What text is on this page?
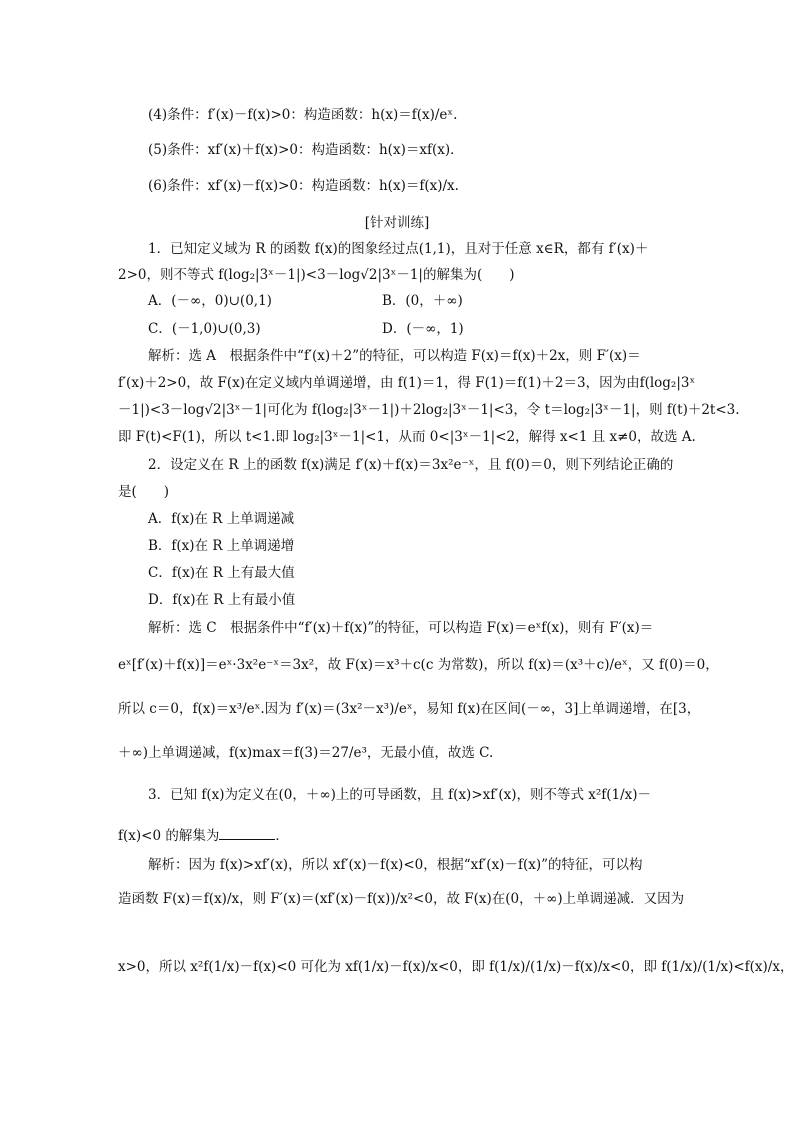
(4)条件：f′(x)－f(x)>0：构造函数：h(x)＝f(x)/eˣ.
(5)条件：xf′(x)＋f(x)>0：构造函数：h(x)＝xf(x)．
(6)条件：xf′(x)－f(x)>0：构造函数：h(x)＝f(x)/x.
[针对训练]
1．已知定义域为 R 的函数 f(x)的图象经过点(1,1)，且对于任意 x∈R，都有 f′(x)＋
2>0，则不等式 f(log₂|3ˣ－1|)<3－log√2|3ˣ－1|的解集为(　　)
A．(－∞，0)∪(0,1)	B．(0，＋∞)
C．(－1,0)∪(0,3)	D．(－∞，1)
解析：选 A　根据条件中“f′(x)＋2”的特征，可以构造 F(x)＝f(x)＋2x，则 F′(x)＝
f′(x)＋2>0，故 F(x)在定义域内单调递增，由 f(1)＝1，得 F(1)＝f(1)＋2＝3，因为由f(log₂|3ˣ
－1|)<3－log√2|3ˣ－1|可化为 f(log₂|3ˣ－1|)＋2log₂|3ˣ－1|<3，令 t＝log₂|3ˣ－1|，则 f(t)＋2t<3.
即 F(t)<F(1)，所以 t<1.即 log₂|3ˣ－1|<1，从而 0<|3ˣ－1|<2，解得 x<1 且 x≠0，故选 A.
2．设定义在 R 上的函数 f(x)满足 f′(x)＋f(x)＝3x²e⁻ˣ，且 f(0)＝0，则下列结论正确的
是(　　)
A．f(x)在 R 上单调递减
B．f(x)在 R 上单调递增
C．f(x)在 R 上有最大值
D．f(x)在 R 上有最小值
解析：选 C　根据条件中“f′(x)＋f(x)”的特征，可以构造 F(x)＝eˣf(x)，则有 F′(x)＝
eˣ[f′(x)＋f(x)]＝eˣ·3x²e⁻ˣ＝3x²，故 F(x)＝x³＋c(c 为常数)，所以 f(x)＝(x³＋c)/eˣ，又 f(0)＝0，
所以 c＝0，f(x)＝x³/eˣ.因为 f′(x)＝(3x²－x³)/eˣ，易知 f(x)在区间(－∞，3]上单调递增，在[3，
＋∞)上单调递减，f(x)max＝f(3)＝27/e³，无最小值，故选 C.
3．已知 f(x)为定义在(0，＋∞)上的可导函数，且 f(x)>xf′(x)，则不等式 x²f(1/x)－
f(x)<0 的解集为	．
解析：因为 f(x)>xf′(x)，所以 xf′(x)－f(x)<0，根据“xf′(x)－f(x)”的特征，可以构
造函数 F(x)＝f(x)/x，则 F′(x)＝(xf′(x)－f(x))/x²<0，故 F(x)在(0，＋∞)上单调递减．又因为
x>0，所以 x²f(1/x)－f(x)<0 可化为 xf(1/x)－f(x)/x<0，即 f(1/x)/(1/x)－f(x)/x<0，即 f(1/x)/(1/x)<f(x)/x，
